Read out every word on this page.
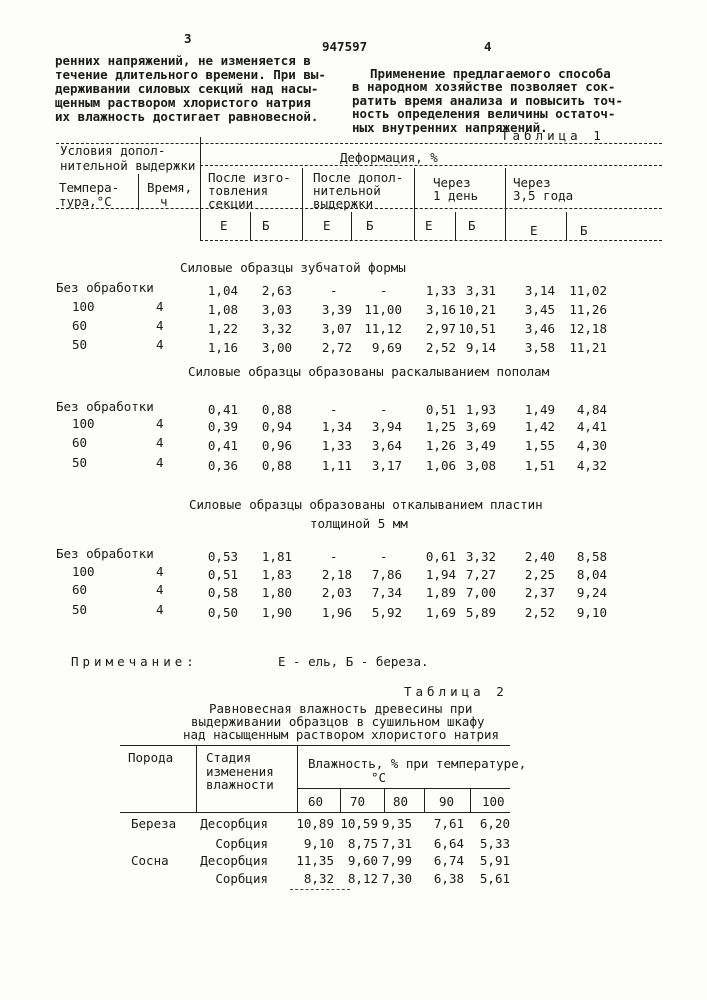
3
947597	4
ренних напряжений, не изменяется в
течение длительного времени. При вы-
держивании силовых секций над насы-
щенным раствором хлористого натрия
их влажность достигает равновесной.
Применение предлагаемого способа
в народном хозяйстве позволяет сок-
ратить время анализа и повысить точ-
ность определения величины остаточ-
ных внутренних напряжений.
Таблица 1
Условия допол-
нительной выдержки
Темпера-
тура,°С
Время,
ч
Деформация, %
После изго-
товления
секции
После допол-
нительной
выдержки
Через
1 день
Через
3,5 года
Е	Б	Е	Б	Е	Б	Е	Б
Силовые образцы зубчатой формы
Без обработки	1,04 2,63	-	-	1,33 3,31 3,14 11,02
100	4	1,08 3,03 3,39 11,00 3,16 10,21 3,45 11,26
60	4	1,22 3,32 3,07 11,12 2,97 10,51 3,46 12,18
50	4	1,16 3,00 2,72 9,69 2,52 9,14 3,58 11,21
Силовые образцы образованы раскалыванием пополам
Без обработки	0,41 0,88	-	-	0,51 1,93 1,49 4,84
100	4	0,39 0,94 1,34 3,94 1,25 3,69 1,42 4,41
60	4	0,41 0,96 1,33 3,64 1,26 3,49 1,55 4,30
50	4	0,36 0,88 1,11 3,17 1,06 3,08 1,51 4,32
Силовые образцы образованы откалыванием пластин
толщиной 5 мм
Без обработки	0,53 1,81	-	-	0,61 3,32 2,40 8,58
100	4	0,51 1,83 2,18 7,86 1,94 7,27 2,25 8,04
60	4	0,58 1,80 2,03 7,34 1,89 7,00 2,37 9,24
50	4	0,50 1,90 1,96 5,92 1,69 5,89 2,52 9,10
Примечание:	Е - ель, Б - береза.
Таблица 2
Равновесная влажность древесины при
выдерживании образцов в сушильном шкафу
над насыщенным раствором хлористого натрия
Порода	Стадия
изменения
влажности
Влажность, % при температуре,
°С
60 70 80 90 100
Береза Десорбция 10,89 10,59 9,35 7,61 6,20
Сорбция	9,10 8,75 7,31 6,64 5,33
Сосна	Десорбция 11,35 9,60 7,99 6,74 5,91
Сорбция	8,32 8,12 7,30 6,38 5,61
